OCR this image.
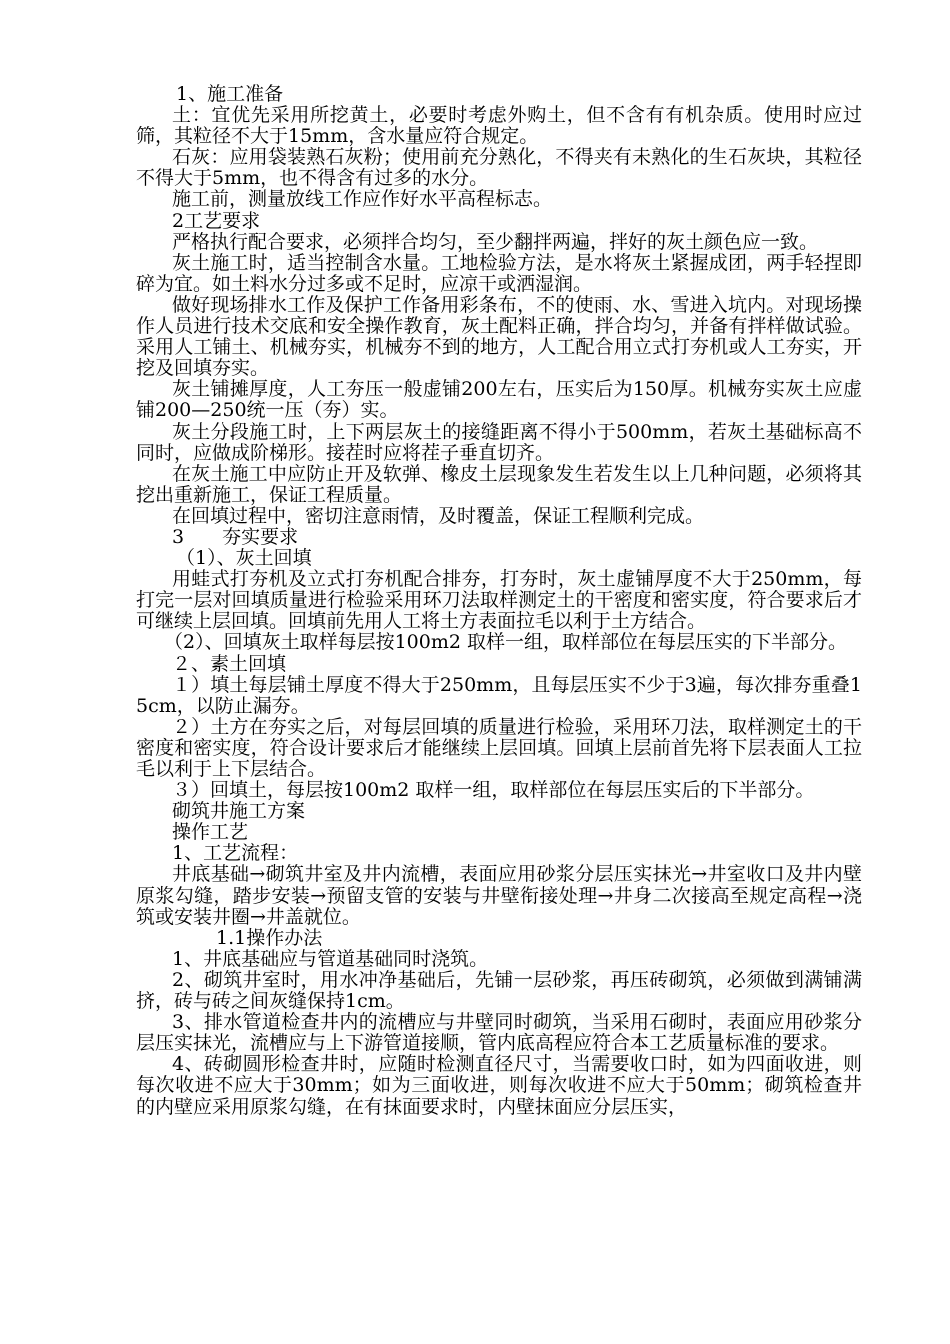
1、施工准备

土：宜优先采用所挖黄土，必要时考虑外购土，但不含有有机杂质。使用时应过筛，其粒径不大于15mm，含水量应符合规定。

石灰：应用袋装熟石灰粉；使用前充分熟化，不得夹有未熟化的生石灰块，其粒径不得大于5mm，也不得含有过多的水分。

施工前，测量放线工作应作好水平高程标志。

2工艺要求

严格执行配合要求，必须拌合均匀，至少翻拌两遍，拌好的灰土颜色应一致。

灰土施工时，适当控制含水量。工地检验方法，是水将灰土紧握成团，两手轻捏即碎为宜。如土料水分过多或不足时，应凉干或洒湿润。

做好现场排水工作及保护工作备用彩条布，不的使雨、水、雪进入坑内。对现场操作人员进行技术交底和安全操作教育，灰土配料正确，拌合均匀，并备有拌样做试验。采用人工铺土、机械夯实，机械夯不到的地方，人工配合用立式打夯机或人工夯实，开挖及回填夯实。

灰土铺摊厚度，人工夯压一般虚铺200左右，压实后为150厚。机械夯实灰土应虚铺200—250统一压（夯）实。

灰土分段施工时，上下两层灰土的接缝距离不得小于500mm，若灰土基础标高不同时，应做成阶梯形。接茬时应将茬子垂直切齐。

在灰土施工中应防止开及软弹、橡皮土层现象发生若发生以上几种问题，必须将其挖出重新施工，保证工程质量。

在回填过程中，密切注意雨情，及时覆盖，保证工程顺利完成。

3　　夯实要求

（1）、灰土回填

用蛙式打夯机及立式打夯机配合排夯，打夯时，灰土虚铺厚度不大于250mm，每打完一层对回填质量进行检验采用环刀法取样测定土的干密度和密实度，符合要求后才可继续上层回填。回填前先用人工将土方表面拉毛以利于土方结合。

（2）、回填灰土取样每层按100m2 取样一组，取样部位在每层压实的下半部分。

２、素土回填

１）填土每层铺土厚度不得大于250mm，且每层压实不少于3遍，每次排夯重叠15cm，以防止漏夯。

２）土方在夯实之后，对每层回填的质量进行检验，采用环刀法，取样测定土的干密度和密实度，符合设计要求后才能继续上层回填。回填上层前首先将下层表面人工拉毛以利于上下层结合。

３）回填土，每层按100m2 取样一组，取样部位在每层压实后的下半部分。

砌筑井施工方案

操作工艺

1、工艺流程：

井底基础→砌筑井室及井内流槽，表面应用砂浆分层压实抹光→井室收口及井内壁原浆勾缝，踏步安装→预留支管的安装与井壁衔接处理→井身二次接高至规定高程→浇筑或安装井圈→井盖就位。

1.1操作办法

1、井底基础应与管道基础同时浇筑。

2、砌筑井室时，用水冲净基础后，先铺一层砂浆，再压砖砌筑，必须做到满铺满挤，砖与砖之间灰缝保持1cm。

3、排水管道检查井内的流槽应与井壁同时砌筑，当采用石砌时，表面应用砂浆分层压实抹光，流槽应与上下游管道接顺，管内底高程应符合本工艺质量标准的要求。

4、砖砌圆形检查井时，应随时检测直径尺寸，当需要收口时，如为四面收进，则每次收进不应大于30mm；如为三面收进，则每次收进不应大于50mm；砌筑检查井的内壁应采用原浆勾缝，在有抹面要求时，内壁抹面应分层压实，
